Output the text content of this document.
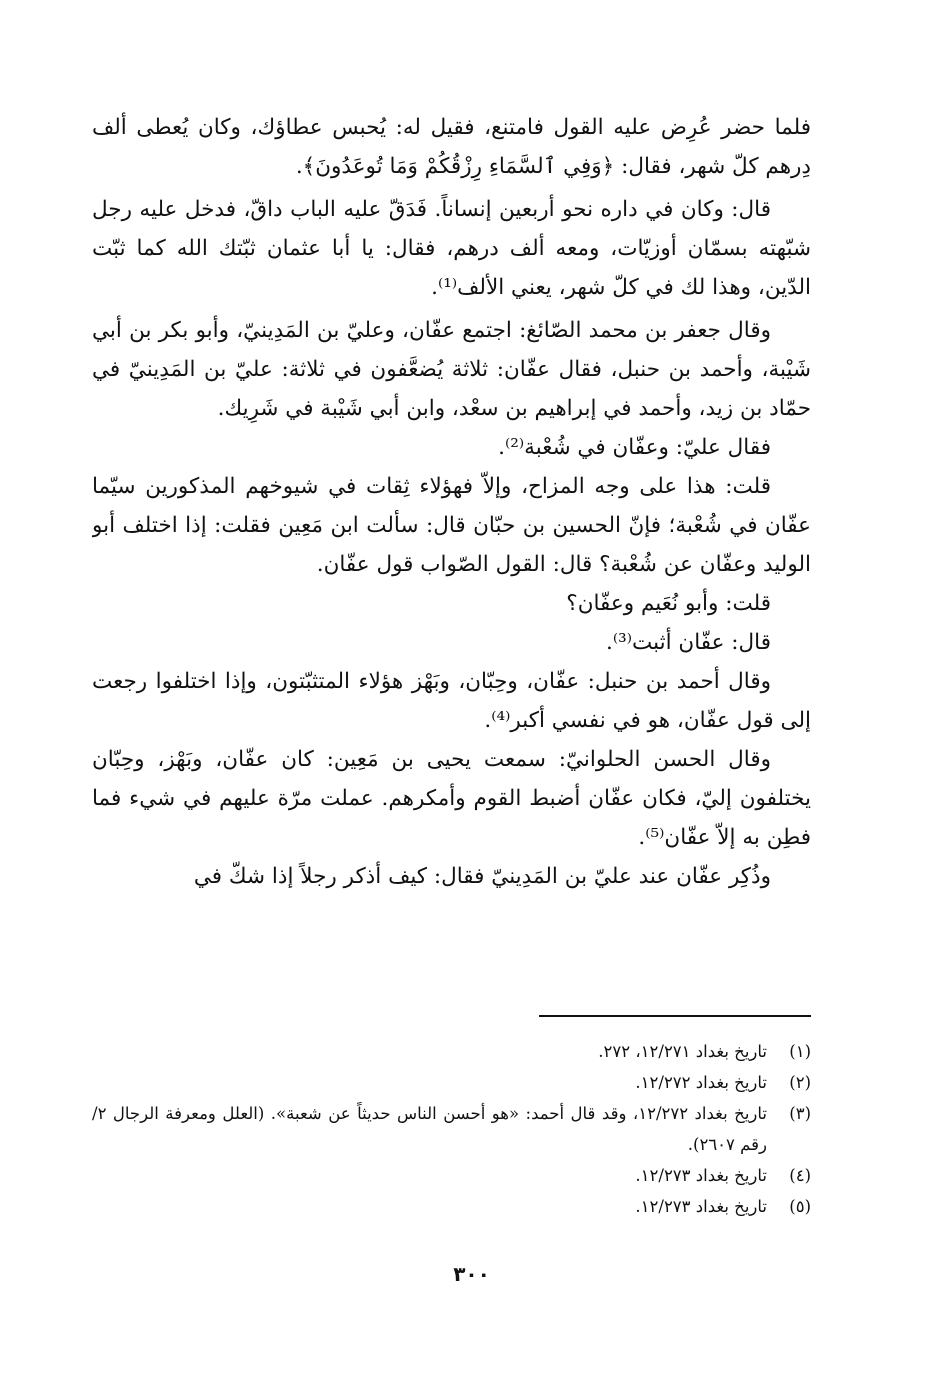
فلما حضر عُرِض عليه القول فامتنع، فقيل له: يُحبس عطاؤك، وكان يُعطى ألف دِرهم كلّ شهر، فقال: ﴿وَفِي ٱلسَّمَاءِ رِزْقُكُمْ وَمَا تُوعَدُونَ﴾.

قال: وكان في داره نحو أربعين إنساناً. فَدَقّ عليه الباب داقّ، فدخل عليه رجل شبّهته بسمّان أوزيّات، ومعه ألف درهم، فقال: يا أبا عثمان ثبّتك الله كما ثبّت الدّين، وهذا لك في كلّ شهر، يعني الألف⁽¹⁾.

وقال جعفر بن محمد الصّائغ: اجتمع عفّان، وعليّ بن المَدِينيّ، وأبو بكر بن أبي شَيْبة، وأحمد بن حنبل، فقال عفّان: ثلاثة يُضعَّفون في ثلاثة: عليّ بن المَدِينيّ في حمّاد بن زيد، وأحمد في إبراهيم بن سعْد، وابن أبي شَيْبة في شَرِيك.

فقال عليّ: وعفّان في شُعْبة⁽²⁾.

قلت: هذا على وجه المزاح، وإلاّ فهؤلاء ثِقات في شيوخهم المذكورين سيّما عفّان في شُعْبة؛ فإنّ الحسين بن حبّان قال: سألت ابن مَعِين فقلت: إذا اختلف أبو الوليد وعفّان عن شُعْبة؟ قال: القول الصّواب قول عفّان.

قلت: وأبو نُعَيم وعفّان؟

قال: عفّان أثبت⁽³⁾.

وقال أحمد بن حنبل: عفّان، وحِبّان، وبَهْز هؤلاء المتثبّتون، وإذا اختلفوا رجعت إلى قول عفّان، هو في نفسي أكبر⁽⁴⁾.

وقال الحسن الحلوانيّ: سمعت يحيى بن مَعِين: كان عفّان، وبَهْز، وحِبّان يختلفون إليّ، فكان عفّان أضبط القوم وأمكرهم. عملت مرّة عليهم في شيء فما فطِن به إلاّ عفّان⁽⁵⁾.

وذُكِر عفّان عند عليّ بن المَدِينيّ فقال: كيف أذكر رجلاً إذا شكّ في

(١)
تاريخ بغداد ١٢/٢٧١، ٢٧٢.
(٢)
تاريخ بغداد ١٢/٢٧٢.
(٣)
تاريخ بغداد ١٢/٢٧٢، وقد قال أحمد: «هو أحسن الناس حديثاً عن شعبة». (العلل ومعرفة الرجال ٢/رقم ٢٦٠٧).
(٤)
تاريخ بغداد ١٢/٢٧٣.
(٥)
تاريخ بغداد ١٢/٢٧٣.
٣٠٠
